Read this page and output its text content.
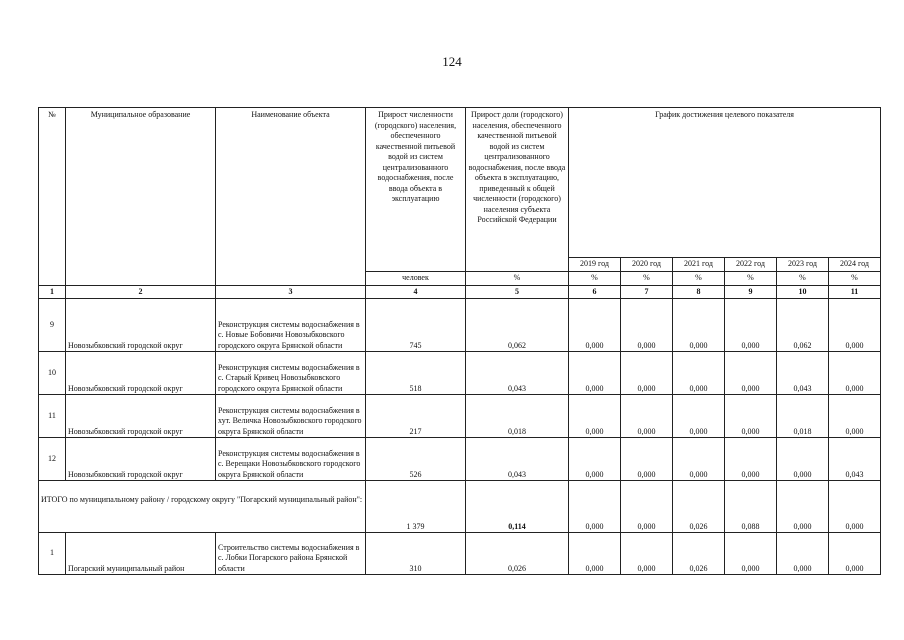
124
№	Муниципальное образование	Наименование объекта	Прирост численности (городского) населения, обеспеченного качественной питьевой водой из систем централизованного водоснабжения, после ввода объекта в эксплуатацию	Прирост доли (городского) населения, обеспеченного качественной питьевой водой из систем централизованного водоснабжения, после ввода объекта в эксплуатацию, приведенный к общей численности (городского) населения субъекта Российской Федерации	График достижения целевого показателя					
					2019 год	2020 год	2021 год	2022 год	2023 год	2024 год
			человек	%	%	%	%	%	%	%
1	2	3	4	5	6	7	8	9	10	11
9	Новозыбковский городской округ	Реконструкция системы водоснабжения в с. Новые Бобовичи Новозыбковского городского округа Брянской области	745	0,062	0,000	0,000	0,000	0,000	0,062	0,000
10	Новозыбковский городской округ	Реконструкция системы водоснабжения в с. Старый Кривец Новозыбковского городского округа Брянской области	518	0,043	0,000	0,000	0,000	0,000	0,043	0,000
11	Новозыбковский городской округ	Реконструкция системы водоснабжения в хут. Величка Новозыбковского городского округа Брянской области	217	0,018	0,000	0,000	0,000	0,000	0,018	0,000
12	Новозыбковский городской округ	Реконструкция системы водоснабжения в с. Верещаки Новозыбковского городского округа Брянской области	526	0,043	0,000	0,000	0,000	0,000	0,000	0,043
ИТОГО по муниципальному району / городскому округу "Погарский муниципальный район":			1 379	0,114	0,000	0,000	0,026	0,088	0,000	0,000
1	Погарский муниципальный район	Строительство системы водоснабжения в с. Лобки Погарского района Брянской области	310	0,026	0,000	0,000	0,026	0,000	0,000	0,000
